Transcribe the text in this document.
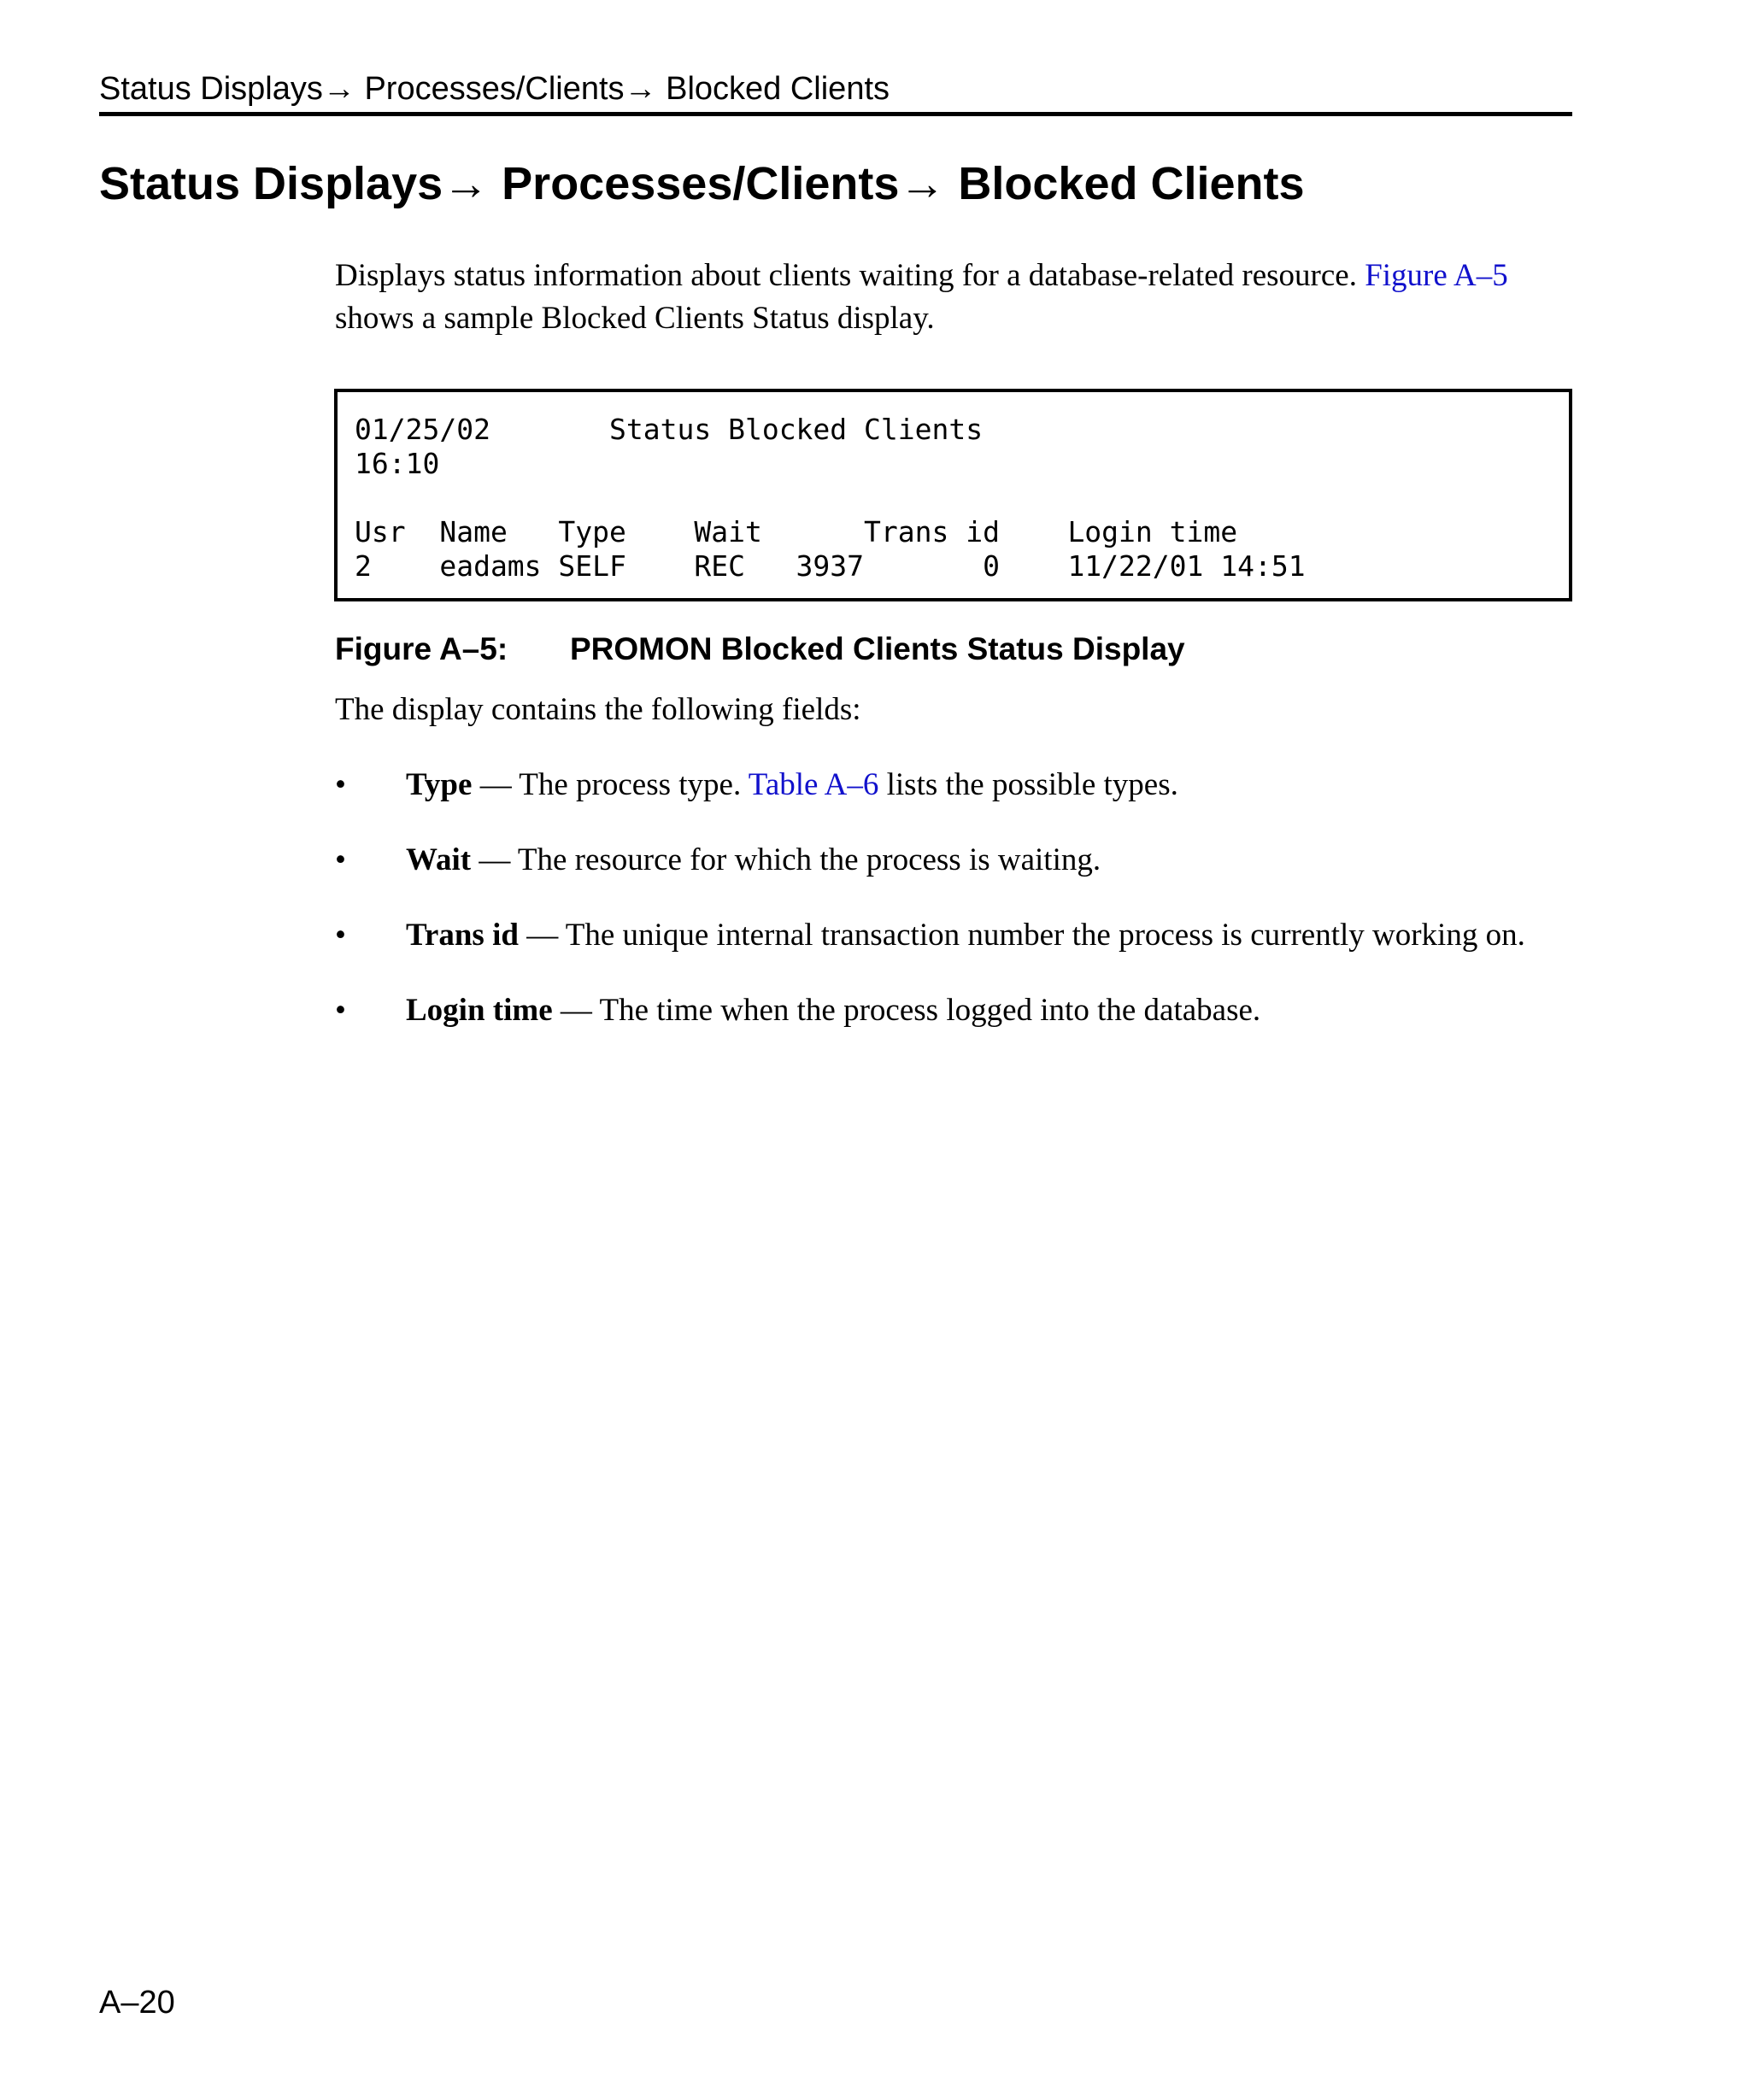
Status Displays→ Processes/Clients→ Blocked Clients
Status Displays→ Processes/Clients→ Blocked Clients

Displays status information about clients waiting for a database-related resource. Figure A–5 shows a sample Blocked Clients Status display.

01/25/02       Status Blocked Clients
16:10

Usr  Name   Type    Wait      Trans id    Login time
2    eadams SELF    REC   3937       0    11/22/01 14:51
Figure A–5: PROMON Blocked Clients Status Display

The display contains the following fields:

• Type — The process type. Table A–6 lists the possible types.
• Wait — The resource for which the process is waiting.
• Trans id — The unique internal transaction number the process is currently working on.
• Login time — The time when the process logged into the database.
A–20
